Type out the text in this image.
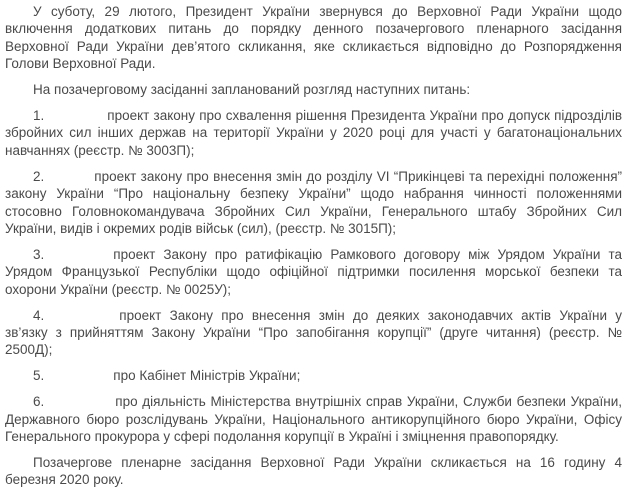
У суботу, 29 лютого, Президент України звернувся до Верховної Ради України щодо включення додаткових питань до порядку денного позачергового пленарного засідання Верховної Ради України дев’ятого скликання, яке скликається відповідно до Розпорядження Голови Верховної Ради.

На позачерговому засіданні запланований розгляд наступних питань:

1.	проект закону про схвалення рішення Президента України про допуск підрозділів збройних сил інших держав на території України у 2020 році для участі у багатонаціональних навчаннях (реєстр. № 3003П);

2.	проект закону про внесення змін до розділу VI “Прикінцеві та перехідні положення” закону України “Про національну безпеку України” щодо набрання чинності положеннями стосовно Головнокомандувача Збройних Сил України, Генерального штабу Збройних Сил України, видів і окремих родів військ (сил), (реєстр. № 3015П);

3.	проект Закону про ратифікацію Рамкового договору між Урядом України та Урядом Французької Республіки щодо офіційної підтримки посилення морської безпеки та охорони України (реєстр. № 0025У);

4.	проект Закону про внесення змін до деяких законодавчих актів України у зв’язку з прийняттям Закону України “Про запобігання корупції” (друге читання) (реєстр. № 2500Д);

5.	про Кабінет Міністрів України;

6.	про діяльність Міністерства внутрішніх справ України, Служби безпеки України, Державного бюро розслідувань України, Національного антикорупційного бюро України, Офісу Генерального прокурора у сфері подолання корупції в Україні і зміцнення правопорядку.

Позачергове пленарне засідання Верховної Ради України скликається на 16 годину 4 березня 2020 року.
